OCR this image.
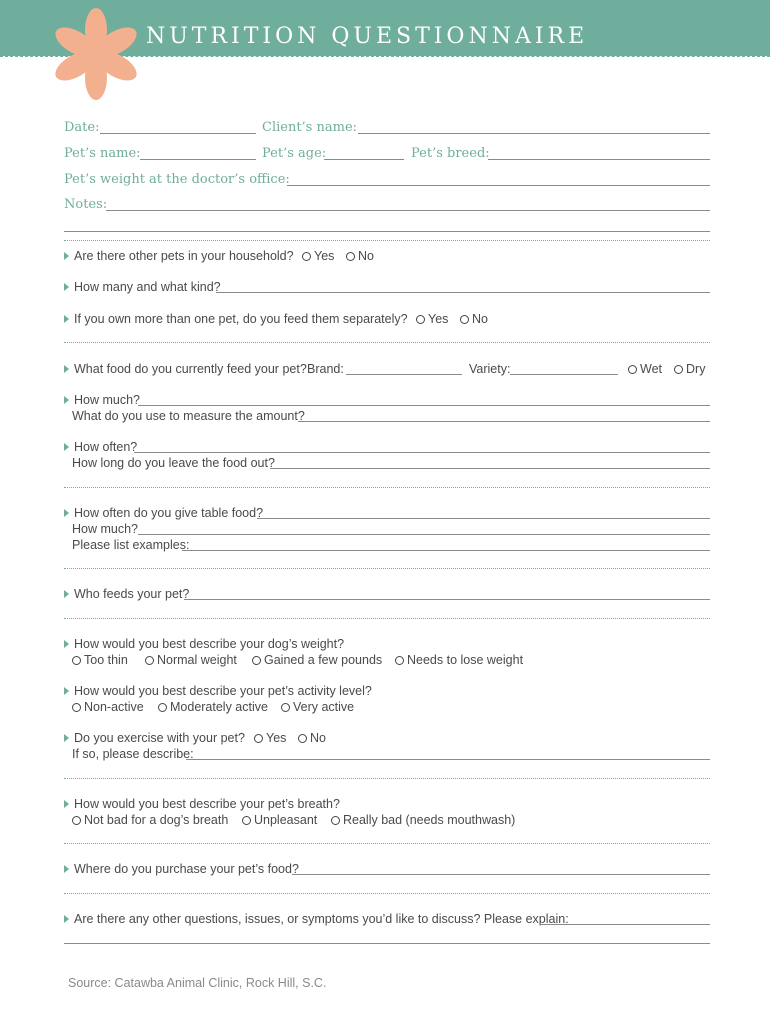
NUTRITION QUESTIONNAIRE
Date:	Client’s name:
Pet’s name:	Pet’s age:	Pet’s breed:
Pet’s weight at the doctor’s office:
Notes:
Are there other pets in your household?	Yes	No
How many and what kind?
If you own more than one pet, do you feed them separately?	Yes	No
What food do you currently feed your pet? Brand:	Variety:	Wet	Dry
How much?
What do you use to measure the amount?
How often?
How long do you leave the food out?
How often do you give table food?
How much?
Please list examples:
Who feeds your pet?
How would you best describe your dog’s weight?
Too thin	Normal weight	Gained a few pounds	Needs to lose weight
How would you best describe your pet’s activity level?
Non-active	Moderately active	Very active
Do you exercise with your pet?	Yes	No
If so, please describe:
How would you best describe your pet’s breath?
Not bad for a dog’s breath	Unpleasant	Really bad (needs mouthwash)
Where do you purchase your pet’s food?
Are there any other questions, issues, or symptoms you’d like to discuss? Please explain:
Source: Catawba Animal Clinic, Rock Hill, S.C.
